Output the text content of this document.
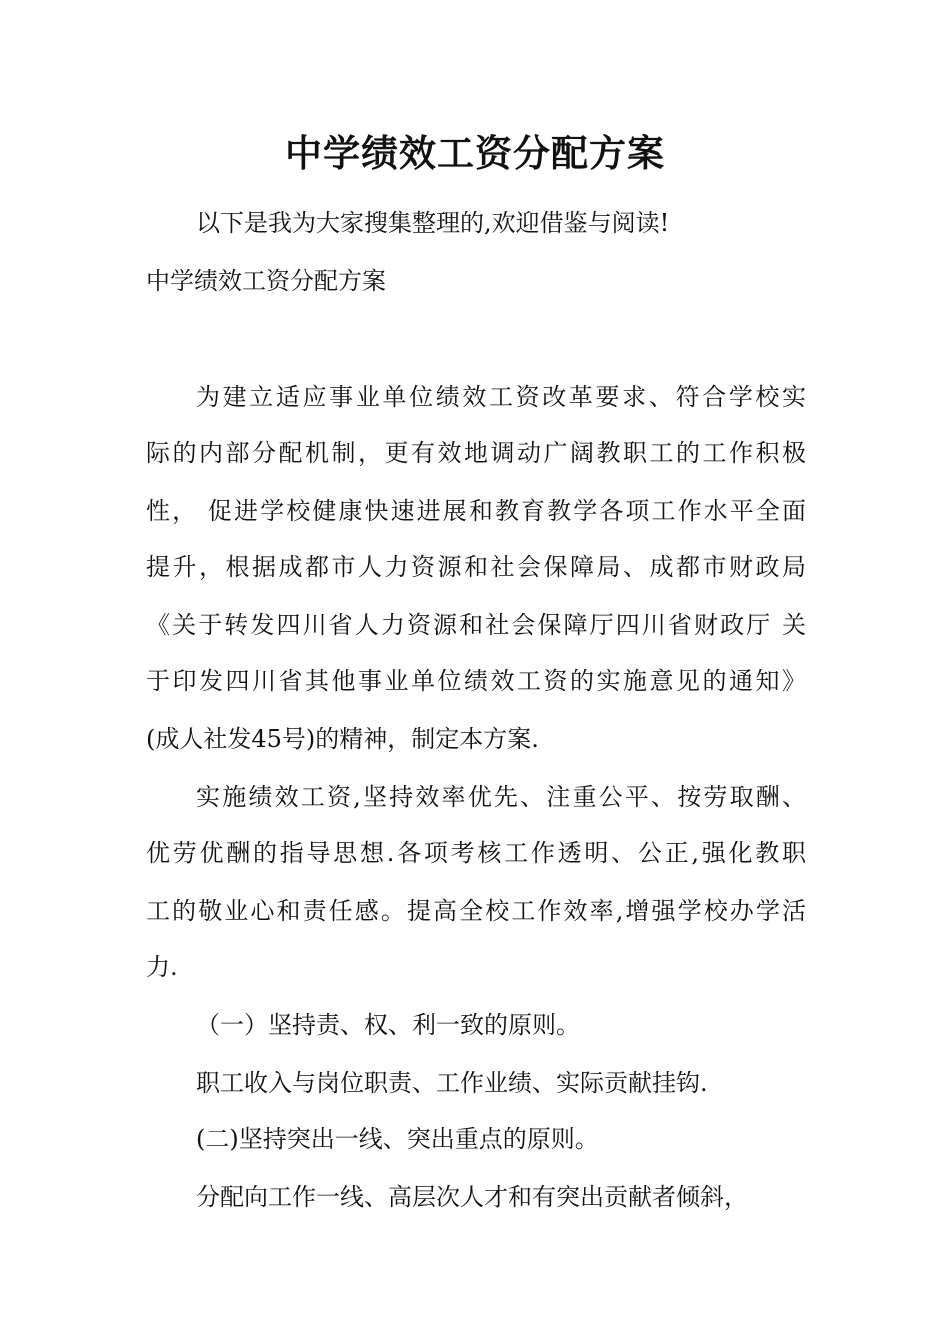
中学绩效工资分配方案
以下是我为大家搜集整理的,欢迎借鉴与阅读!
中学绩效工资分配方案
为建立适应事业单位绩效工资改革要求、符合学校实
际的内部分配机制，更有效地调动广阔教职工的工作积极
性， 促进学校健康快速进展和教育教学各项工作水平全面
提升，根据成都市人力资源和社会保障局、成都市财政局
《关于转发四川省人力资源和社会保障厅四川省财政厅 关
于印发四川省其他事业单位绩效工资的实施意见的通知》
(成人社发45号)的精神，制定本方案.
实施绩效工资,坚持效率优先、注重公平、按劳取酬、
优劳优酬的指导思想.各项考核工作透明、公正,强化教职
工的敬业心和责任感。提高全校工作效率,增强学校办学活
力.
（一）坚持责、权、利一致的原则。
职工收入与岗位职责、工作业绩、实际贡献挂钩.
(二)坚持突出一线、突出重点的原则。
分配向工作一线、高层次人才和有突出贡献者倾斜，
